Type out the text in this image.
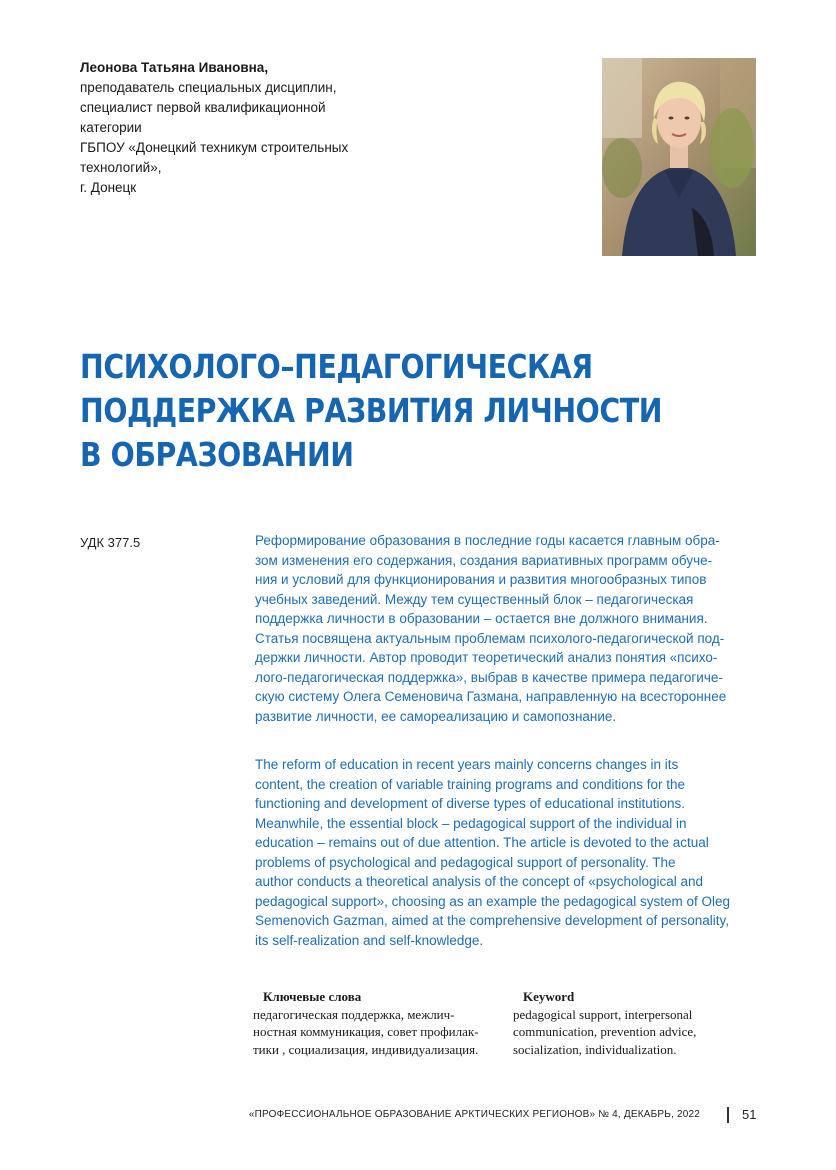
Леонова Татьяна Ивановна,
преподаватель специальных дисциплин,
специалист первой квалификационной
категории
ГБПОУ «Донецкий техникум строительных
технологий»,
г. Донецк
ПСИХОЛОГО–ПЕДАГОГИЧЕСКАЯ
ПОДДЕРЖКА РАЗВИТИЯ ЛИЧНОСТИ
В ОБРАЗОВАНИИ
УДК 377.5	Реформирование образования в последние годы касается главным обра-
зом изменения его содержания, создания вариативных программ обуче-
ния и условий для функционирования и развития многообразных типов
учебных заведений. Между тем существенный блок – педагогическая
поддержка личности в образовании – остается вне должного внимания.
Статья посвящена актуальным проблемам психолого-педагогической под-
держки личности. Автор проводит теоретический анализ понятия «психо-
лого-педагогическая поддержка», выбрав в качестве примера педагогиче-
скую систему Олега Семеновича Газмана, направленную на всестороннее
развитие личности, ее самореализацию и самопознание.
The reform of education in recent years mainly concerns changes in its
content, the creation of variable training programs and conditions for the
functioning and development of diverse types of educational institutions.
Meanwhile, the essential block – pedagogical support of the individual in
education – remains out of due attention. The article is devoted to the actual
problems of psychological and pedagogical support of personality. The
author conducts a theoretical analysis of the concept of «psychological and
pedagogical support», choosing as an example the pedagogical system of Oleg
Semenovich Gazman, aimed at the comprehensive development of personality,
its self-realization and self-knowledge.
Ключевые слова
педагогическая поддержка, межлич-
ностная коммуникация, совет профилак-
тики , социализация, индивидуализация.
Keyword
pedagogical support, interpersonal
communication, prevention advice,
socialization, individualization.
«ПРОФЕССИОНАЛЬНОЕ ОБРАЗОВАНИЕ АРКТИЧЕСКИХ РЕГИОНОВ» № 4, ДЕКАБРЬ, 2022	51
